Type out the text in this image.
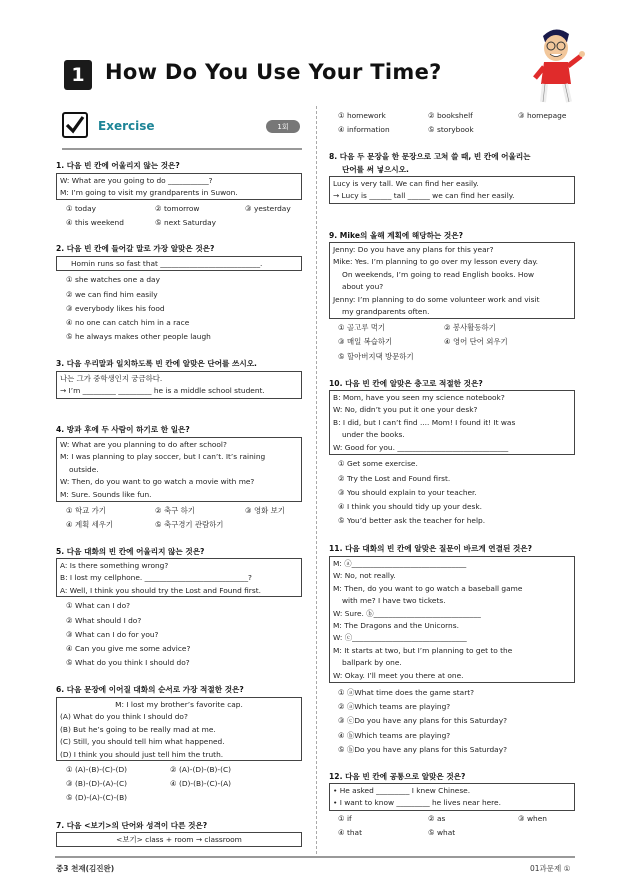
1 How Do You Use Your Time?
Exercise	1회
1. 다음 빈 칸에 어울리지 않는 것은?
W: What are you going to do ___________?
M: I’m going to visit my grandparents in Suwon.
① today	② tomorrow	③ yesterday
④ this weekend	⑤ next Saturday
2. 다음 빈 칸에 들어갈 말로 가장 알맞은 것은?
Homin runs so fast that ___________________________.
① she watches one a day
② we can find him easily
③ everybody likes his food
④ no one can catch him in a race
⑤ he always makes other people laugh
3. 다음 우리말과 일치하도록 빈 칸에 알맞은 단어를 쓰시오.
나는 그가 중학생인지 궁금하다.
→ I’m _________ _________ he is a middle school student.
4. 방과 후에 두 사람이 하기로 한 일은?
W: What are you planning to do after school?
M: I was planning to play soccer, but I can’t. It’s raining
outside.
W: Then, do you want to go watch a movie with me?
M: Sure. Sounds like fun.
① 학교 가기	② 축구 하기	③ 영화 보기
④ 계획 세우기	⑤ 축구경기 관람하기
5. 다음 대화의 빈 칸에 어울리지 않는 것은?
A: Is there something wrong?
B: I lost my cellphone. ____________________________?
A: Well, I think you should try the Lost and Found first.
① What can I do?
② What should I do?
③ What can I do for you?
④ Can you give me some advice?
⑤ What do you think I should do?
6. 다음 문장에 이어질 대화의 순서로 가장 적절한 것은?
M: I lost my brother’s favorite cap.
(A) What do you think I should do?
(B) But he’s going to be really mad at me.
(C) Still, you should tell him what happened.
(D) I think you should just tell him the truth.
① (A)-(B)-(C)-(D)	② (A)-(D)-(B)-(C)
③ (B)-(D)-(A)-(C)	④ (D)-(B)-(C)-(A)
⑤ (D)-(A)-(C)-(B)
7. 다음 <보기>의 단어와 성격이 다른 것은?
<보기> class + room → classroom
① homework	② bookshelf	③ homepage
④ information	⑤ storybook
8. 다음 두 문장을 한 문장으로 고쳐 쓸 때, 빈 칸에 어울리는
단어를 써 넣으시오.
Lucy is very tall. We can find her easily.
→ Lucy is ______ tall ______ we can find her easily.
9. Mike의 올해 계획에 해당하는 것은?
Jenny: Do you have any plans for this year?
Mike: Yes. I’m planning to go over my lesson every day.
On weekends, I’m going to read English books. How
about you?
Jenny: I’m planning to do some volunteer work and visit
my grandparents often.
① 골고루 먹기	② 봉사활동하기
③ 매일 복습하기	④ 영어 단어 외우기
⑤ 할아버지댁 방문하기
10. 다음 빈 칸에 알맞은 충고로 적절한 것은?
B: Mom, have you seen my science notebook?
W: No, didn’t you put it one your desk?
B: I did, but I can’t find .... Mom! I found it! It was
under the books.
W: Good for you. ______________________________
① Get some exercise.
② Try the Lost and Found first.
③ You should explain to your teacher.
④ I think you should tidy up your desk.
⑤ You’d better ask the teacher for help.
11. 다음 대화의 빈 칸에 알맞은 질문이 바르게 연결된 것은?
M: ⓐ_______________________________
W: No, not really.
M: Then, do you want to go watch a baseball game
with me? I have two tickets.
W: Sure. ⓑ_____________________________
M: The Dragons and the Unicorns.
W: ⓒ_______________________________
M: It starts at two, but I’m planning to get to the
ballpark by one.
W: Okay. I’ll meet you there at one.
① ⓐWhat time does the game start?
② ⓐWhich teams are playing?
③ ⓒDo you have any plans for this Saturday?
④ ⓑWhich teams are playing?
⑤ ⓑDo you have any plans for this Saturday?
12. 다음 빈 칸에 공통으로 알맞은 것은?
• He asked _________ I knew Chinese.
• I want to know _________ he lives near here.
① if	② as	③ when
④ that	⑤ what
중3 천재(김진완)	01과문제 ①
